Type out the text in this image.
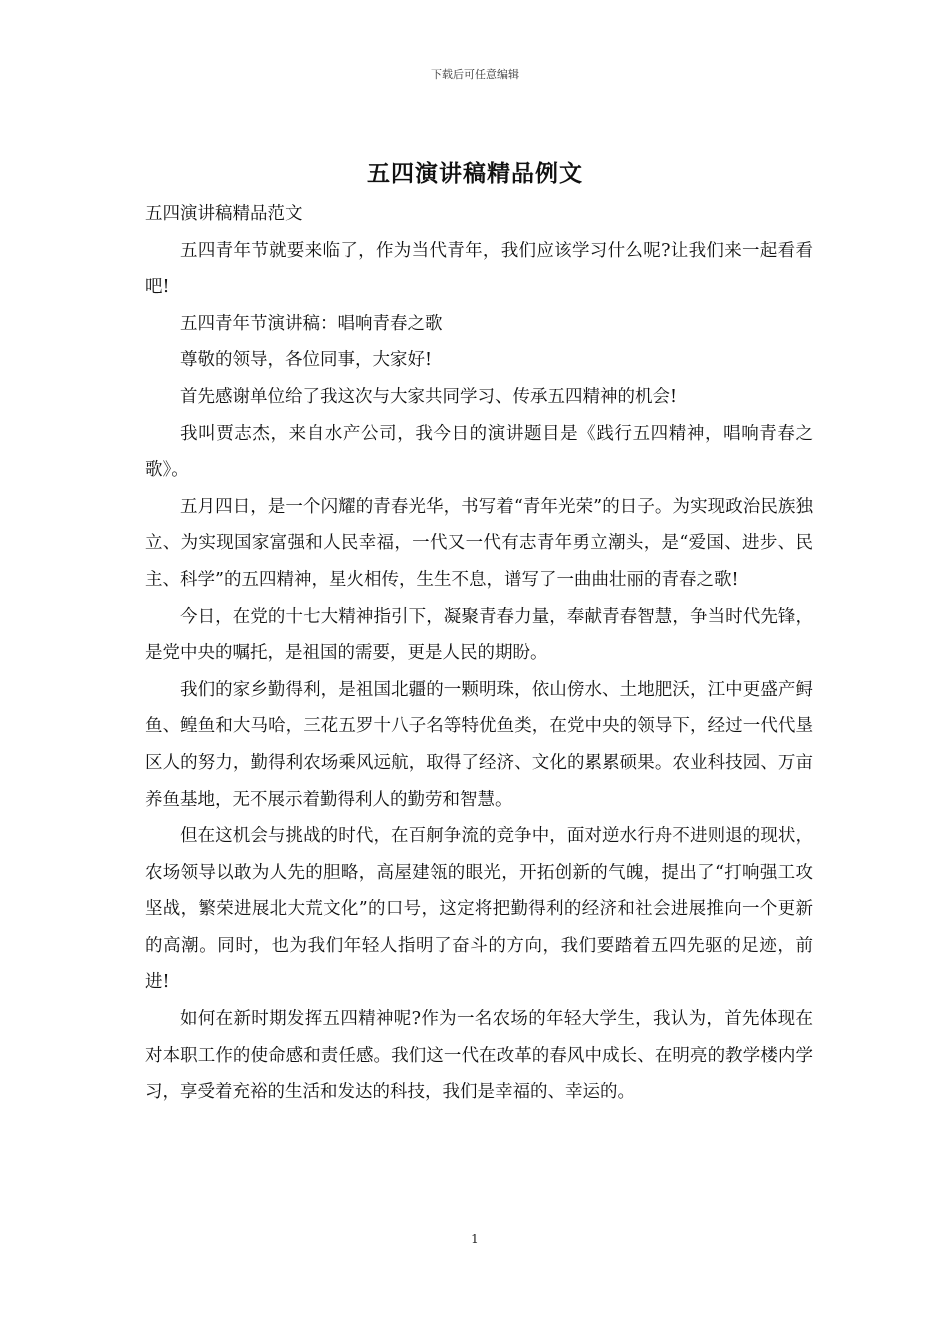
下载后可任意编辑
五四演讲稿精品例文

五四演讲稿精品范文

五四青年节就要来临了，作为当代青年，我们应该学习什么呢?让我们来一起看看吧!

五四青年节演讲稿：唱响青春之歌

尊敬的领导，各位同事，大家好!

首先感谢单位给了我这次与大家共同学习、传承五四精神的机会!

我叫贾志杰，来自水产公司，我今日的演讲题目是《践行五四精神，唱响青春之歌》。

五月四日，是一个闪耀的青春光华，书写着“青年光荣”的日子。为实现政治民族独立、为实现国家富强和人民幸福，一代又一代有志青年勇立潮头，是“爱国、进步、民主、科学”的五四精神，星火相传，生生不息，谱写了一曲曲壮丽的青春之歌!

今日，在党的十七大精神指引下，凝聚青春力量，奉献青春智慧，争当时代先锋，是党中央的嘱托，是祖国的需要，更是人民的期盼。

我们的家乡勤得利，是祖国北疆的一颗明珠，依山傍水、土地肥沃，江中更盛产鲟鱼、鳇鱼和大马哈，三花五罗十八子名等特优鱼类，在党中央的领导下，经过一代代垦区人的努力，勤得利农场乘风远航，取得了经济、文化的累累硕果。农业科技园、万亩养鱼基地，无不展示着勤得利人的勤劳和智慧。

但在这机会与挑战的时代，在百舸争流的竞争中，面对逆水行舟不进则退的现状，农场领导以敢为人先的胆略，高屋建瓴的眼光，开拓创新的气魄，提出了“打响强工攻坚战，繁荣进展北大荒文化”的口号，这定将把勤得利的经济和社会进展推向一个更新的高潮。同时，也为我们年轻人指明了奋斗的方向，我们要踏着五四先驱的足迹，前进!

如何在新时期发挥五四精神呢?作为一名农场的年轻大学生，我认为，首先体现在对本职工作的使命感和责任感。我们这一代在改革的春风中成长、在明亮的教学楼内学习，享受着充裕的生活和发达的科技，我们是幸福的、幸运的。

1
